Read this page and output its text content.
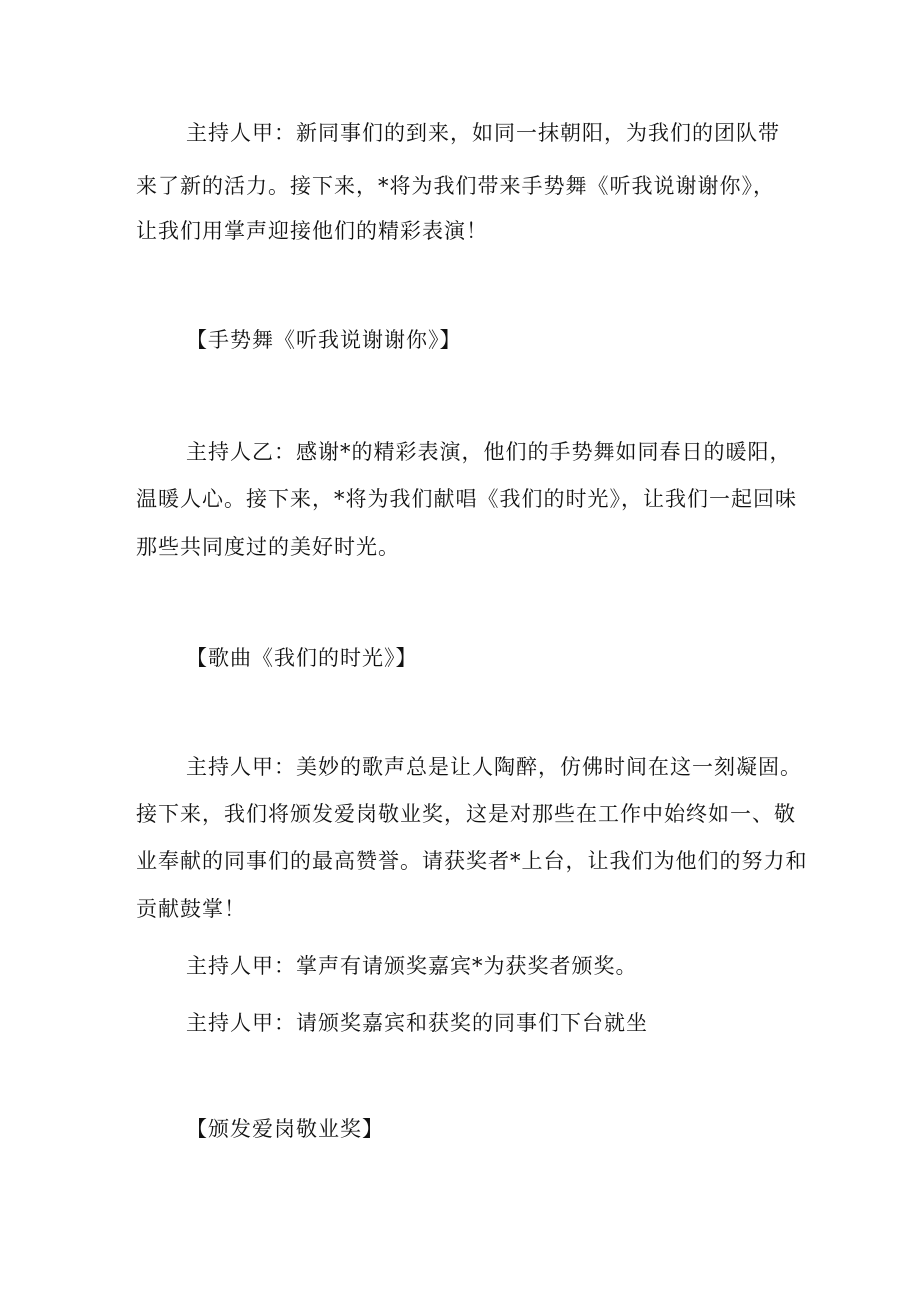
主持人甲：新同事们的到来，如同一抹朝阳，为我们的团队带
来了新的活力。接下来，*将为我们带来手势舞《听我说谢谢你》，
让我们用掌声迎接他们的精彩表演！
【手势舞《听我说谢谢你》】
主持人乙：感谢*的精彩表演，他们的手势舞如同春日的暖阳，
温暖人心。接下来，*将为我们献唱《我们的时光》，让我们一起回味
那些共同度过的美好时光。
【歌曲《我们的时光》】
主持人甲：美妙的歌声总是让人陶醉，仿佛时间在这一刻凝固。
接下来，我们将颁发爱岗敬业奖，这是对那些在工作中始终如一、敬
业奉献的同事们的最高赞誉。请获奖者*上台，让我们为他们的努力和
贡献鼓掌！
主持人甲：掌声有请颁奖嘉宾*为获奖者颁奖。
主持人甲：请颁奖嘉宾和获奖的同事们下台就坐
【颁发爱岗敬业奖】
